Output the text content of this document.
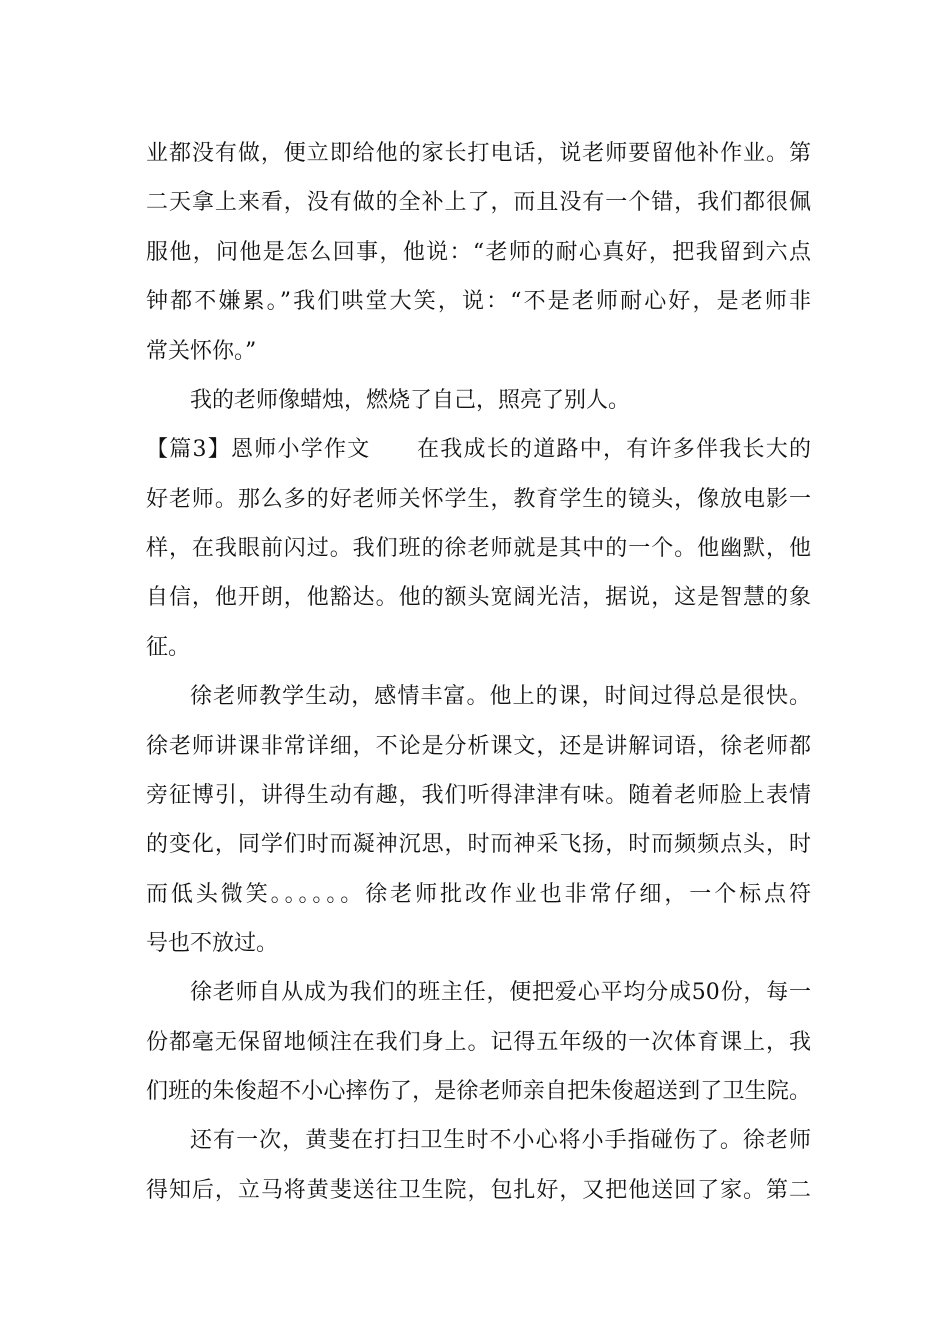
业都没有做，便立即给他的家长打电话，说老师要留他补作业。第
二天拿上来看，没有做的全补上了，而且没有一个错，我们都很佩
服他，问他是怎么回事，他说：“老师的耐心真好，把我留到六点
钟都不嫌累。”我们哄堂大笑，说：“不是老师耐心好，是老师非
常关怀你。”
我的老师像蜡烛，燃烧了自己，照亮了别人。
【篇3】恩师小学作文　　在我成长的道路中，有许多伴我长大的
好老师。那么多的好老师关怀学生，教育学生的镜头，像放电影一
样，在我眼前闪过。我们班的徐老师就是其中的一个。他幽默，他
自信，他开朗，他豁达。他的额头宽阔光洁，据说，这是智慧的象
征。
徐老师教学生动，感情丰富。他上的课，时间过得总是很快。
徐老师讲课非常详细，不论是分析课文，还是讲解词语，徐老师都
旁征博引，讲得生动有趣，我们听得津津有味。随着老师脸上表情
的变化，同学们时而凝神沉思，时而神采飞扬，时而频频点头，时
而低头微笑。。。。。。徐老师批改作业也非常仔细，一个标点符
号也不放过。
徐老师自从成为我们的班主任，便把爱心平均分成50份，每一
份都毫无保留地倾注在我们身上。记得五年级的一次体育课上，我
们班的朱俊超不小心摔伤了，是徐老师亲自把朱俊超送到了卫生院。
还有一次，黄斐在打扫卫生时不小心将小手指碰伤了。徐老师
得知后，立马将黄斐送往卫生院，包扎好，又把他送回了家。第二
